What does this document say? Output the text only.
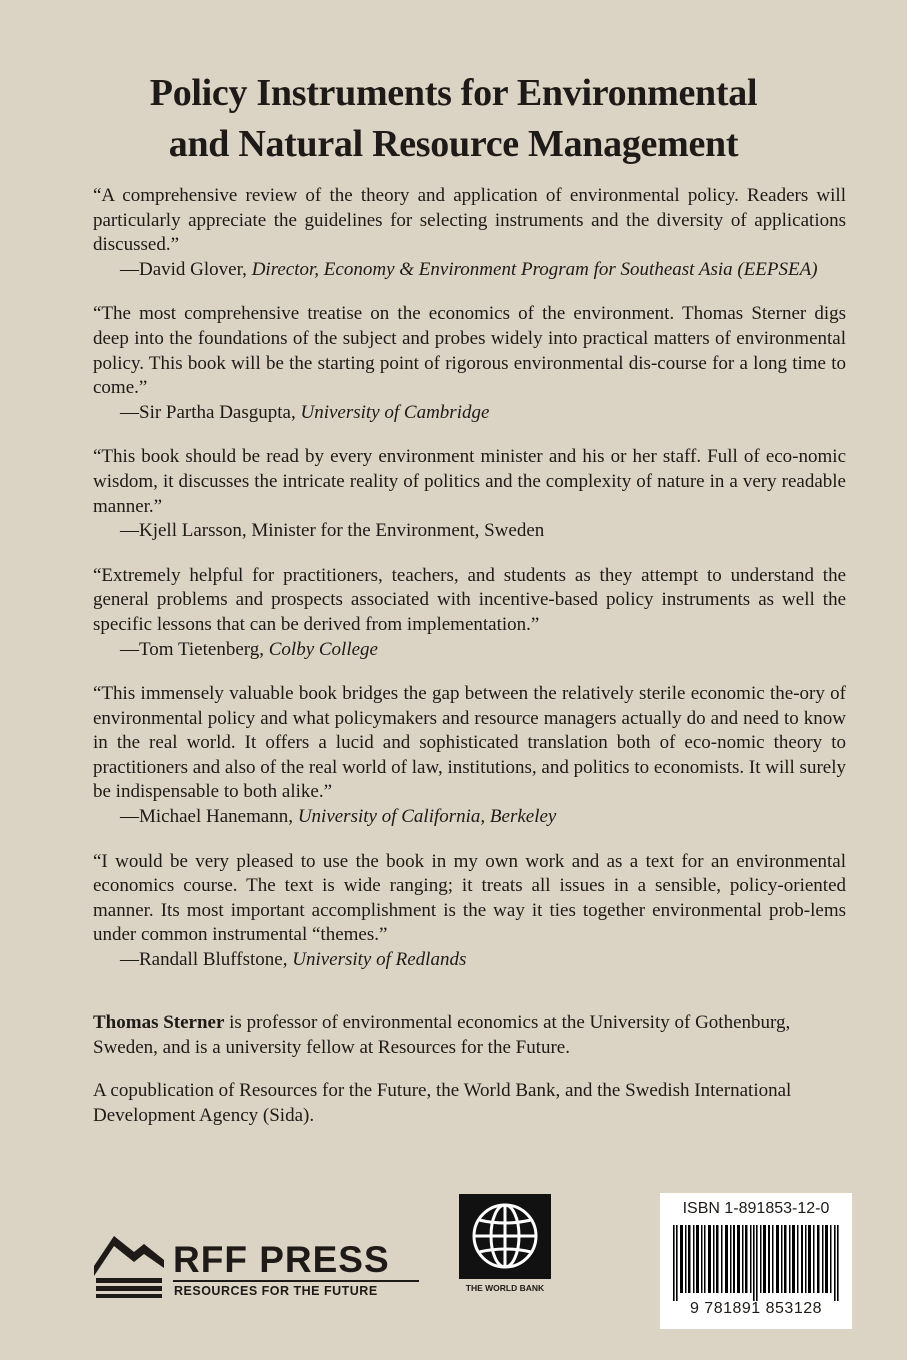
Policy Instruments for Environmental
and Natural Resource Management

“A comprehensive review of the theory and application of environmental policy. Readers will particularly appreciate the guidelines for selecting instruments and the diversity of applications discussed.”

—David Glover, Director, Economy & Environment Program for Southeast Asia (EEPSEA)

“The most comprehensive treatise on the economics of the environment. Thomas Sterner digs deep into the foundations of the subject and probes widely into practical matters of environmental policy. This book will be the starting point of rigorous environmental dis-course for a long time to come.”

—Sir Partha Dasgupta, University of Cambridge

“This book should be read by every environment minister and his or her staff. Full of eco-nomic wisdom, it discusses the intricate reality of politics and the complexity of nature in a very readable manner.”

—Kjell Larsson, Minister for the Environment, Sweden

“Extremely helpful for practitioners, teachers, and students as they attempt to understand the general problems and prospects associated with incentive-based policy instruments as well the specific lessons that can be derived from implementation.”

—Tom Tietenberg, Colby College

“This immensely valuable book bridges the gap between the relatively sterile economic the-ory of environmental policy and what policymakers and resource managers actually do and need to know in the real world. It offers a lucid and sophisticated translation both of eco-nomic theory to practitioners and also of the real world of law, institutions, and politics to economists. It will surely be indispensable to both alike.”

—Michael Hanemann, University of California, Berkeley

“I would be very pleased to use the book in my own work and as a text for an environmental economics course. The text is wide ranging; it treats all issues in a sensible, policy-oriented manner. Its most important accomplishment is the way it ties together environmental prob-lems under common instrumental “themes.”

—Randall Bluffstone, University of Redlands

Thomas Sterner is professor of environmental economics at the University of Gothenburg, Sweden, and is a university fellow at Resources for the Future.

A copublication of Resources for the Future, the World Bank, and the Swedish International Development Agency (Sida).

RFF PRESS
RESOURCES FOR THE FUTURE	THE WORLD BANK
ISBN 1-891853-12-0
9 781891 853128
